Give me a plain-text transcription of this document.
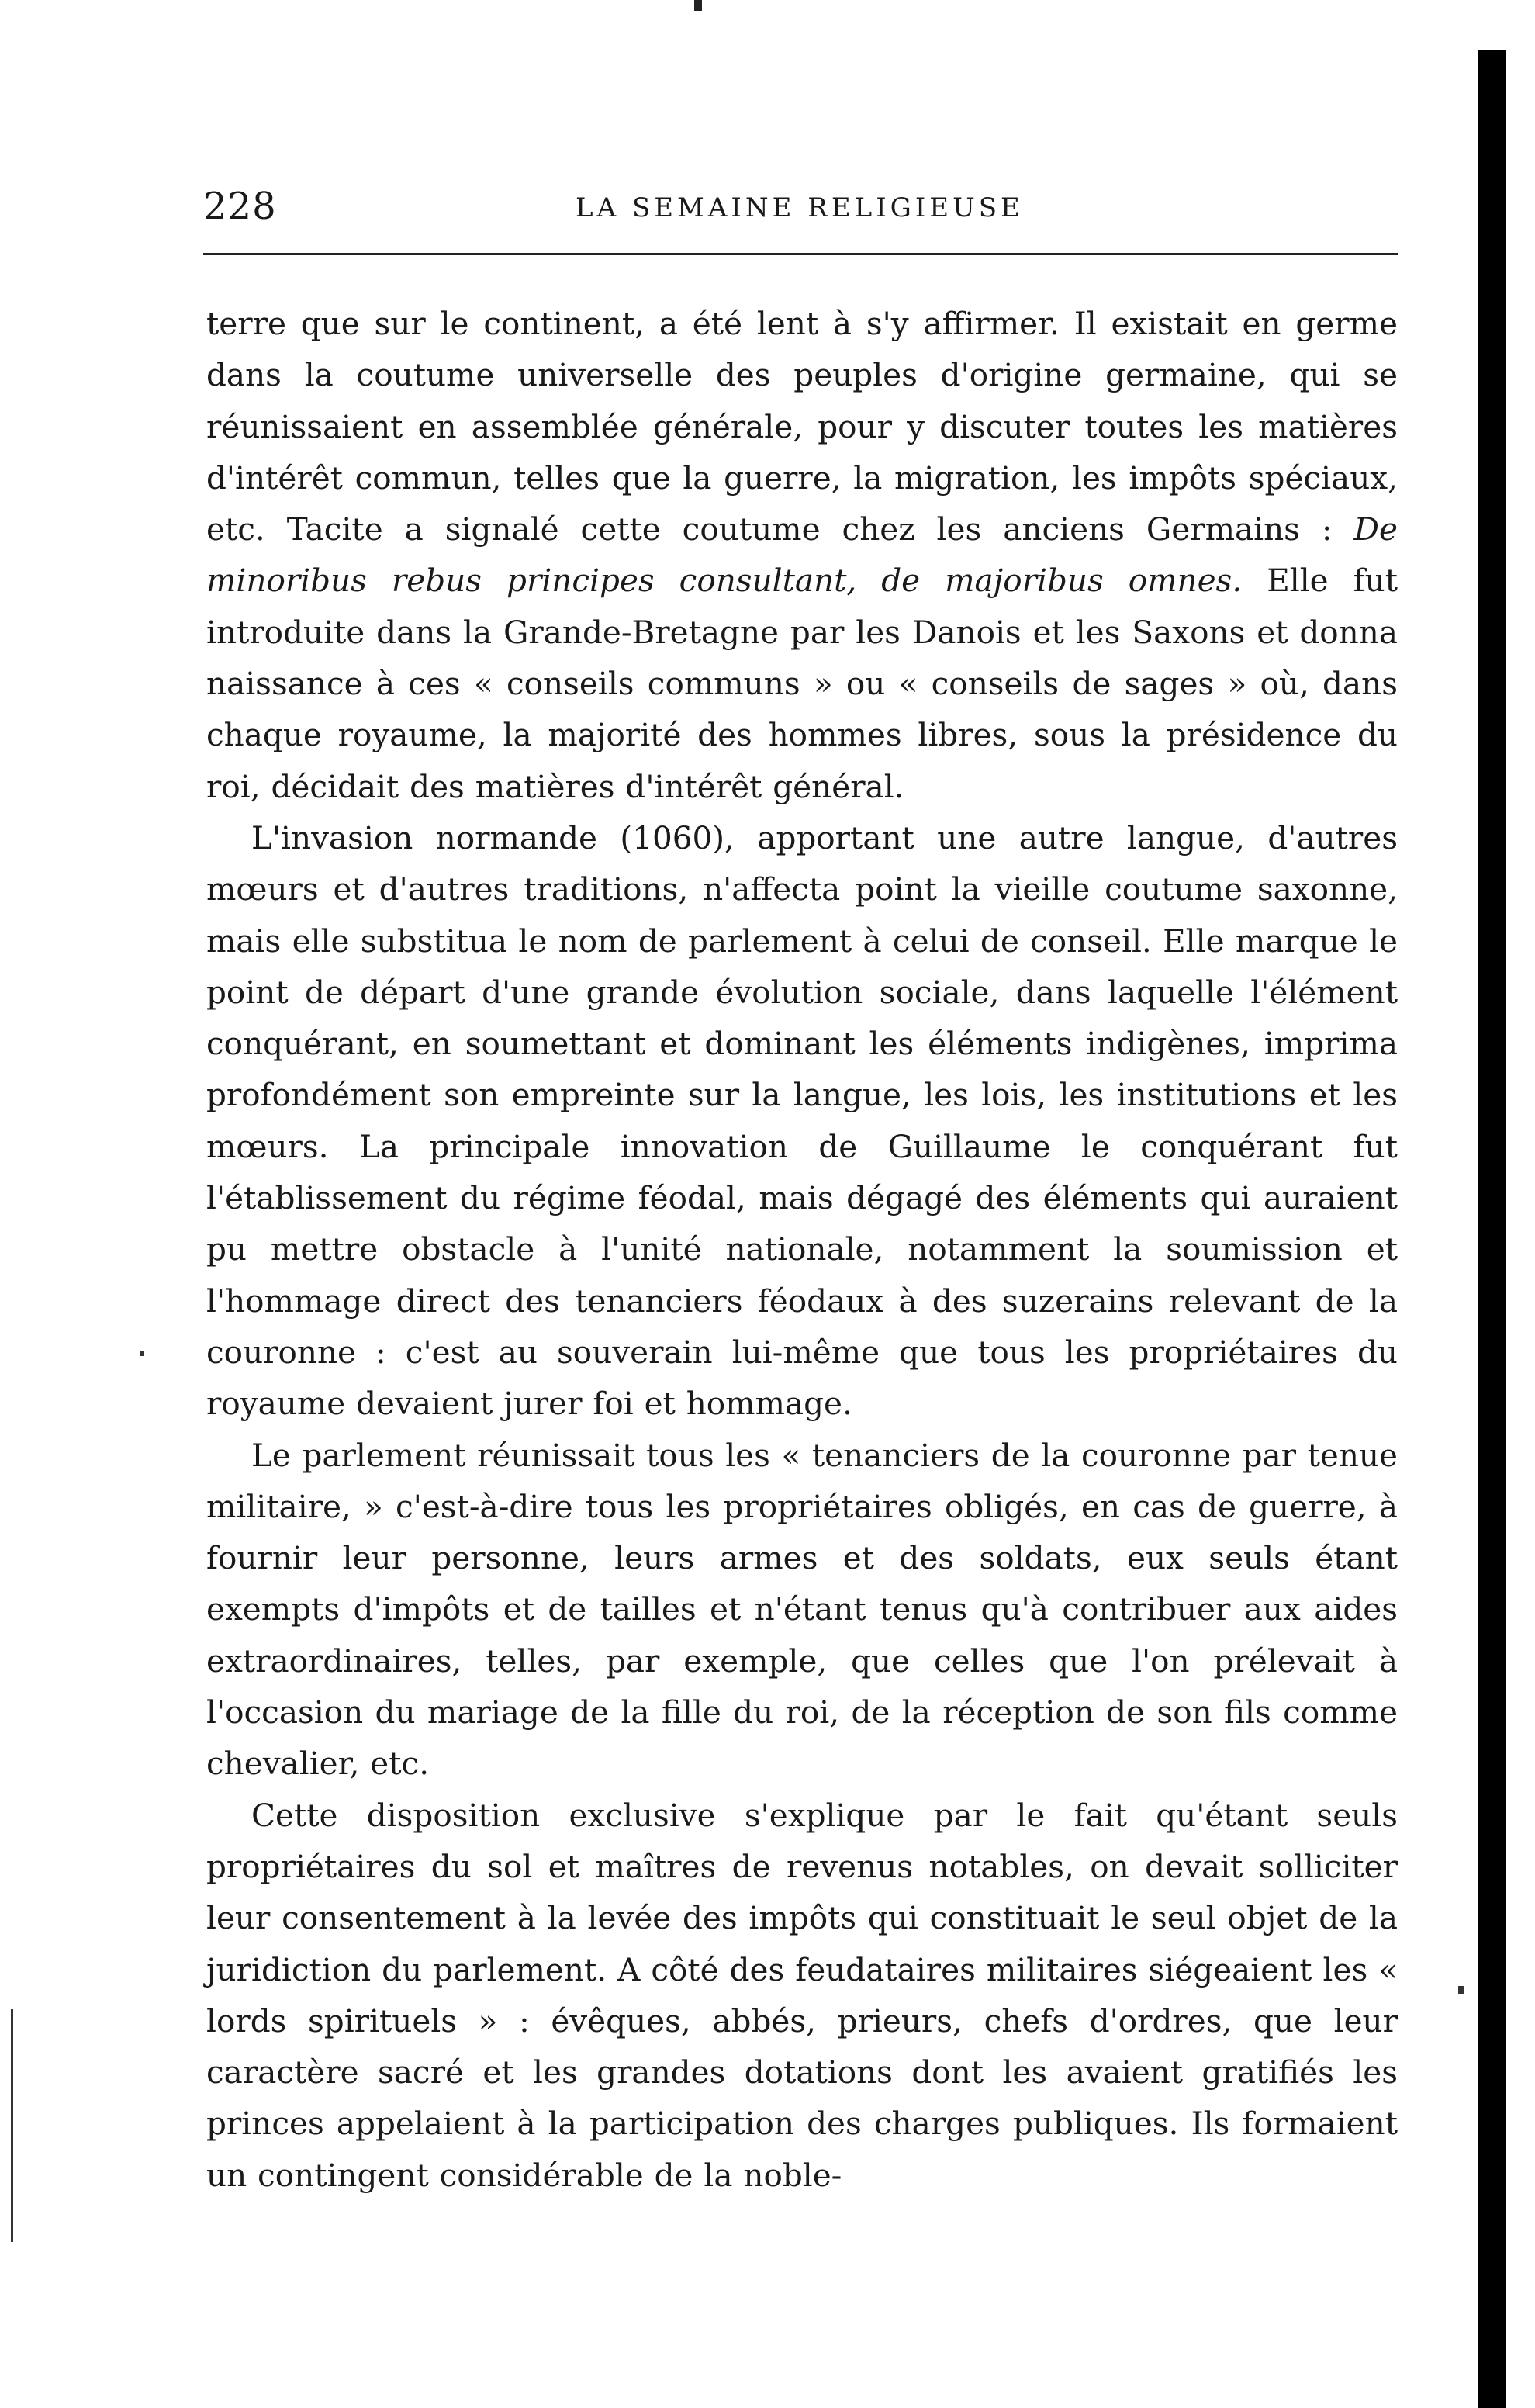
228	LA SEMAINE RELIGIEUSE

terre que sur le continent, a été lent à s'y affirmer. Il existait en germe dans la coutume universelle des peuples d'origine germaine, qui se réunissaient en assemblée générale, pour y discuter toutes les matières d'intérêt commun, telles que la guerre, la migration, les impôts spéciaux, etc. Tacite a signalé cette coutume chez les anciens Germains : De minoribus rebus principes consultant, de majoribus omnes. Elle fut introduite dans la Grande-Bretagne par les Danois et les Saxons et donna naissance à ces « conseils communs » ou « conseils de sages » où, dans chaque royaume, la majorité des hommes libres, sous la présidence du roi, décidait des matières d'intérêt général.

L'invasion normande (1060), apportant une autre langue, d'autres mœurs et d'autres traditions, n'affecta point la vieille coutume saxonne, mais elle substitua le nom de parlement à celui de conseil. Elle marque le point de départ d'une grande évolution sociale, dans laquelle l'élément conquérant, en soumettant et dominant les éléments indigènes, imprima profondément son empreinte sur la langue, les lois, les institutions et les mœurs. La principale innovation de Guillaume le conquérant fut l'établissement du régime féodal, mais dégagé des éléments qui auraient pu mettre obstacle à l'unité nationale, notamment la soumission et l'hommage direct des tenanciers féodaux à des suzerains relevant de la couronne : c'est au souverain lui-même que tous les propriétaires du royaume devaient jurer foi et hommage.

Le parlement réunissait tous les « tenanciers de la couronne par tenue militaire, » c'est-à-dire tous les propriétaires obligés, en cas de guerre, à fournir leur personne, leurs armes et des soldats, eux seuls étant exempts d'impôts et de tailles et n'étant tenus qu'à contribuer aux aides extraordinaires, telles, par exemple, que celles que l'on prélevait à l'occasion du mariage de la fille du roi, de la réception de son fils comme chevalier, etc.

Cette disposition exclusive s'explique par le fait qu'étant seuls propriétaires du sol et maîtres de revenus notables, on devait solliciter leur consentement à la levée des impôts qui constituait le seul objet de la juridiction du parlement. A côté des feudataires militaires siégeaient les « lords spirituels » : évêques, abbés, prieurs, chefs d'ordres, que leur caractère sacré et les grandes dotations dont les avaient gratifiés les princes appelaient à la participation des charges publiques. Ils formaient un contingent considérable de la noble-
